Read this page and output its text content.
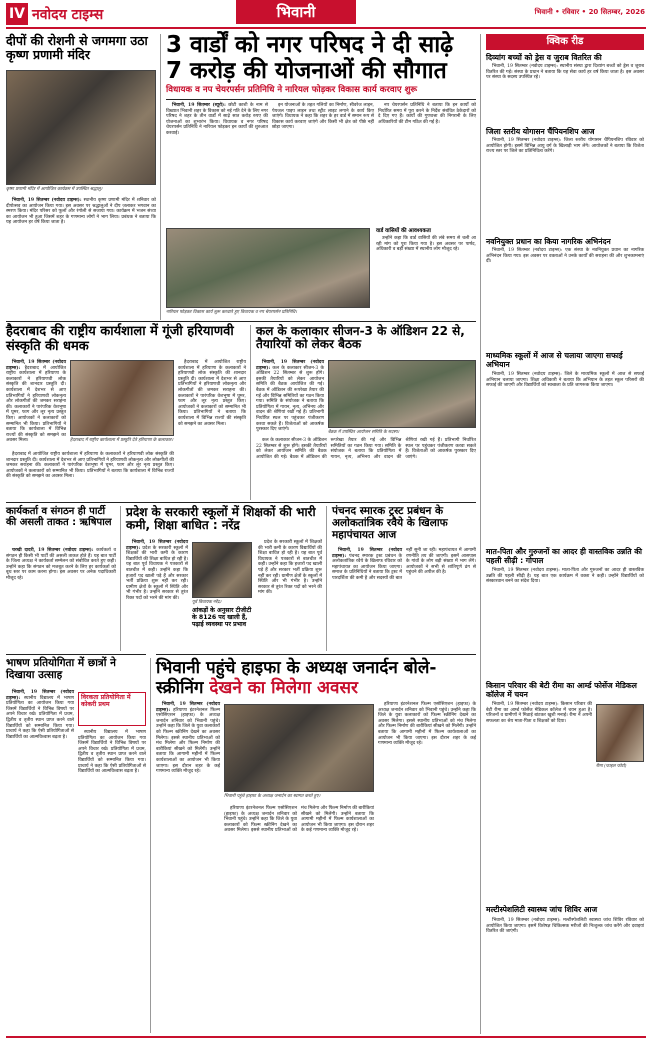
IV नवोदय टाइम्स	भिवानी	भिवानी • रविवार • 20 सितम्बर, 2026
दीपों की रोशनी से जगमगा उठा कृष्ण प्रणामी मंदिर
कृष्ण प्रणामी मंदिर में आयोजित कार्यक्रम में उपस्थित श्रद्धालु।

भिवानी, 19 सितम्बर (नवोदय टाइम्स): स्थानीय कृष्ण प्रणामी मंदिर में शनिवार को दीपोत्सव का आयोजन किया गया। इस अवसर पर श्रद्धालुओं ने दीप जलाकर भगवान का स्मरण किया। मंदिर परिसर को फूलों और रंगोली से सजाया गया। कार्यक्रम में भजन संध्या का आयोजन भी हुआ जिसमें शहर के गणमान्य लोगों ने भाग लिया। प्रबंधक ने बताया कि यह आयोजन हर वर्ष किया जाता है।

3 वार्डों को नगर परिषद ने दी साढ़े 7 करोड़ की योजनाओं की सौगात
विधायक व नप चेयरपर्सन प्रतिनिधि ने नारियल फोड़कर विकास कार्य करवाए शुरू

भिवानी, 19 सितम्बर (ब्यूरो): छोटी काशी के नाम से विख्यात भिवानी शहर के विकास को नई गति देने के लिए नगर परिषद ने शहर के तीन वार्डों में साढ़े सात करोड़ रुपए की योजनाओं का शुभारंभ किया। विधायक व नगर परिषद चेयरपर्सन प्रतिनिधि ने नारियल फोड़कर इन कार्यों की शुरुआत करवाई।

इन योजनाओं के तहत गलियों का निर्माण, सीवरेज लाइन, पेयजल पाइप लाइन तथा स्ट्रीट लाइट लगाने के कार्य किए जाएंगे। विधायक ने कहा कि शहर के हर वार्ड में समान रूप से विकास कार्य करवाए जाएंगे और किसी भी क्षेत्र को पीछे नहीं छोड़ा जाएगा।

नप चेयरपर्सन प्रतिनिधि ने बताया कि इन कार्यों को निर्धारित समय में पूरा करने के निर्देश संबंधित ठेकेदारों को दे दिए गए हैं। कार्यों की गुणवत्ता की निगरानी के लिए अधिकारियों की टीम गठित की गई है।

नारियल फोड़कर विकास कार्य शुरू करवाते हुए विधायक व नप चेयरपर्सन प्रतिनिधि।
वार्ड वासियों की आवश्यकता

उन्होंने कहा कि वार्ड वासियों की लंबे समय से चली आ रही मांग को पूरा किया गया है। इस अवसर पर पार्षद, अधिकारी व बड़ी संख्या में स्थानीय लोग मौजूद रहे।

क्विक रीड
दिव्यांग बच्चों को ड्रेस व जुराब वितरित की

भिवानी, 19 सितम्बर (नवोदय टाइम्स): स्थानीय संस्था द्वारा दिव्यांग बच्चों को ड्रेस व जुराब वितरित की गई। संस्था के प्रधान ने बताया कि यह सेवा कार्य हर वर्ष किया जाता है। इस अवसर पर संस्था के सदस्य उपस्थित रहे।

जिला स्तरीय योगासन चैंपियनशिप आज

भिवानी, 19 सितम्बर (नवोदय टाइम्स): जिला स्तरीय योगासन चैंपियनशिप रविवार को आयोजित होगी। इसमें विभिन्न आयु वर्ग के खिलाड़ी भाग लेंगे। आयोजकों ने बताया कि विजेता राज्य स्तर पर जिले का प्रतिनिधित्व करेंगे।

नवनियुक्त प्रधान का किया नागरिक अभिनंदन

भिवानी, 19 सितम्बर (नवोदय टाइम्स): एक संस्था के नवनियुक्त प्रधान का नागरिक अभिनंदन किया गया। इस अवसर पर वक्ताओं ने उनके कार्यों की सराहना की और शुभकामनाएं दीं।

माध्यमिक स्कूलों में आज से चलाया जाएगा सफाई अभियान

भिवानी, 19 सितम्बर (नवोदय टाइम्स): जिले के माध्यमिक स्कूलों में आज से सफाई अभियान चलाया जाएगा। शिक्षा अधिकारी ने बताया कि अभियान के तहत स्कूल परिसरों की सफाई की जाएगी और विद्यार्थियों को स्वच्छता के प्रति जागरूक किया जाएगा।

मात-पिता और गुरुजनों का आदर ही वास्तविक उन्नति की पहली सीढ़ी : गोपाल

भिवानी, 19 सितम्बर (नवोदय टाइम्स): माता-पिता और गुरुजनों का आदर ही वास्तविक उन्नति की पहली सीढ़ी है। यह बात एक कार्यक्रम में वक्ता ने कही। उन्होंने विद्यार्थियों को संस्कारवान बनने का संदेश दिया।

किसान परिवार की बेटी रीमा का आर्म्ड फोर्सेज मेडिकल कॉलेज में चयन

भिवानी, 19 सितम्बर (नवोदय टाइम्स): किसान परिवार की बेटी रीमा का आर्म्ड फोर्सेज मेडिकल कॉलेज में चयन हुआ है। परिजनों व ग्रामीणों ने मिठाई बांटकर खुशी मनाई। रीमा ने अपनी सफलता का श्रेय माता-पिता व शिक्षकों को दिया।

रीमा (फाइल फोटो)

मल्टीस्पेशलिटी स्वास्थ्य जांच शिविर आज

भिवानी, 19 सितम्बर (नवोदय टाइम्स): मल्टीस्पेशलिटी स्वास्थ्य जांच शिविर रविवार को आयोजित किया जाएगा। इसमें विशेषज्ञ चिकित्सक मरीजों की निःशुल्क जांच करेंगे और दवाइयां वितरित की जाएंगी।

हैदराबाद की राष्ट्रीय कार्यशाला में गूंजी हरियाणवी संस्कृति की धमक

भिवानी, 19 सितम्बर (नवोदय टाइम्स): हैदराबाद में आयोजित राष्ट्रीय कार्यशाला में हरियाणा के कलाकारों ने हरियाणवी लोक संस्कृति की शानदार प्रस्तुति दी। कार्यशाला में देशभर से आए प्रतिभागियों ने हरियाणवी लोकनृत्य और लोकगीतों की जमकर सराहना की। कलाकारों ने पारंपरिक वेशभूषा में घूमर, फाग और लूर नृत्य प्रस्तुत किए। आयोजकों ने कलाकारों को सम्मानित भी किया। प्रतिभागियों ने बताया कि कार्यशाला में विभिन्न राज्यों की संस्कृति को समझने का अवसर मिला।	हैदराबाद में राष्ट्रीय कार्यशाला में प्रस्तुति देते हरियाणा के कलाकार।

हैदराबाद में आयोजित राष्ट्रीय कार्यशाला में हरियाणा के कलाकारों ने हरियाणवी लोक संस्कृति की शानदार प्रस्तुति दी। कार्यशाला में देशभर से आए प्रतिभागियों ने हरियाणवी लोकनृत्य और लोकगीतों की जमकर सराहना की। कलाकारों ने पारंपरिक वेशभूषा में घूमर, फाग और लूर नृत्य प्रस्तुत किए। आयोजकों ने कलाकारों को सम्मानित भी किया। प्रतिभागियों ने बताया कि कार्यशाला में विभिन्न राज्यों की संस्कृति को समझने का अवसर मिला।

हैदराबाद में आयोजित राष्ट्रीय कार्यशाला में हरियाणा के कलाकारों ने हरियाणवी लोक संस्कृति की शानदार प्रस्तुति दी। कार्यशाला में देशभर से आए प्रतिभागियों ने हरियाणवी लोकनृत्य और लोकगीतों की जमकर सराहना की। कलाकारों ने पारंपरिक वेशभूषा में घूमर, फाग और लूर नृत्य प्रस्तुत किए। आयोजकों ने कलाकारों को सम्मानित भी किया। प्रतिभागियों ने बताया कि कार्यशाला में विभिन्न राज्यों की संस्कृति को समझने का अवसर मिला।

कल के कलाकार सीजन-3 के ऑडिशन 22 से, तैयारियों को लेकर बैठक

भिवानी, 19 सितम्बर (नवोदय टाइम्स): कल के कलाकार सीजन-3 के ऑडिशन 22 सितम्बर से शुरू होंगे। इसकी तैयारियों को लेकर आयोजन समिति की बैठक आयोजित की गई। बैठक में ऑडिशन की रूपरेखा तैयार की गई और विभिन्न समितियों का गठन किया गया। समिति के संयोजक ने बताया कि प्रतियोगिता में गायन, नृत्य, अभिनय और वादन की श्रेणियां रखी गई हैं। प्रतिभागी निर्धारित स्थल पर पहुंचकर पंजीकरण करवा सकते हैं। विजेताओं को आकर्षक पुरस्कार दिए जाएंगे।

बैठक में उपस्थित आयोजन समिति के सदस्य।

कल के कलाकार सीजन-3 के ऑडिशन 22 सितम्बर से शुरू होंगे। इसकी तैयारियों को लेकर आयोजन समिति की बैठक आयोजित की गई। बैठक में ऑडिशन की रूपरेखा तैयार की गई और विभिन्न समितियों का गठन किया गया। समिति के संयोजक ने बताया कि प्रतियोगिता में गायन, नृत्य, अभिनय और वादन की श्रेणियां रखी गई हैं। प्रतिभागी निर्धारित स्थल पर पहुंचकर पंजीकरण करवा सकते हैं। विजेताओं को आकर्षक पुरस्कार दिए जाएंगे।

कार्यकर्ता व संगठन ही पार्टी की असली ताकत : ऋषिपाल

चरखी दादरी, 19 सितम्बर (नवोदय टाइम्स): कार्यकर्ता व संगठन ही किसी भी पार्टी की असली ताकत होते हैं। यह बात पार्टी के जिला अध्यक्ष ने कार्यकर्ता सम्मेलन को संबोधित करते हुए कही। उन्होंने कहा कि संगठन को मजबूत करने के लिए हर कार्यकर्ता को बूथ स्तर पर काम करना होगा। इस अवसर पर अनेक पदाधिकारी मौजूद रहे।

प्रदेश के सरकारी स्कूलों में शिक्षकों की भारी कमी, शिक्षा बाधित : नरेंद्र

भिवानी, 19 सितम्बर (नवोदय टाइम्स): प्रदेश के सरकारी स्कूलों में शिक्षकों की भारी कमी के कारण विद्यार्थियों की शिक्षा बाधित हो रही है। यह बात पूर्व विधायक ने पत्रकारों से बातचीत में कही। उन्होंने कहा कि हजारों पद खाली पड़े हैं और सरकार भर्ती प्रक्रिया शुरू नहीं कर रही। ग्रामीण क्षेत्रों के स्कूलों में स्थिति और भी गंभीर है। उन्होंने सरकार से तुरंत रिक्त पदों को भरने की मांग की।

पूर्व विधायक नरेंद्र।
आंकड़ों के अनुसार टीजीटी के 8126 पद खाली हैं, पढ़ाई व्यवस्था पर प्रभाव

प्रदेश के सरकारी स्कूलों में शिक्षकों की भारी कमी के कारण विद्यार्थियों की शिक्षा बाधित हो रही है। यह बात पूर्व विधायक ने पत्रकारों से बातचीत में कही। उन्होंने कहा कि हजारों पद खाली पड़े हैं और सरकार भर्ती प्रक्रिया शुरू नहीं कर रही। ग्रामीण क्षेत्रों के स्कूलों में स्थिति और भी गंभीर है। उन्होंने सरकार से तुरंत रिक्त पदों को भरने की मांग की।

पंचनद स्मारक ट्रस्ट प्रबंधन के अलोकतांत्रिक रवैये के खिलाफ महापंचायत आज

भिवानी, 19 सितम्बर (नवोदय टाइम्स): पंचनद स्मारक ट्रस्ट प्रबंधन के अलोकतांत्रिक रवैये के खिलाफ रविवार को महापंचायत का आयोजन किया जाएगा। समाज के प्रतिनिधियों ने बताया कि ट्रस्ट में पारदर्शिता की कमी है और सदस्यों की बात नहीं सुनी जा रही। महापंचायत में आगामी रणनीति तय की जाएगी। इसमें आसपास के गांवों के लोग बड़ी संख्या में भाग लेंगे। आयोजकों ने सभी से शांतिपूर्ण ढंग से पहुंचने की अपील की है।

भाषण प्रतियोगिता में छात्रों ने दिखाया उत्साह

भिवानी, 19 सितम्बर (नवोदय टाइम्स): स्थानीय विद्यालय में भाषण प्रतियोगिता का आयोजन किया गया जिसमें विद्यार्थियों ने विभिन्न विषयों पर अपने विचार रखे। प्रतियोगिता में प्रथम, द्वितीय व तृतीय स्थान प्राप्त करने वाले विद्यार्थियों को सम्मानित किया गया। प्राचार्य ने कहा कि ऐसी प्रतियोगिताओं से विद्यार्थियों का आत्मविश्वास बढ़ता है।

विरकता प्रतियोगिता में कोकरी प्रथम

स्थानीय विद्यालय में भाषण प्रतियोगिता का आयोजन किया गया जिसमें विद्यार्थियों ने विभिन्न विषयों पर अपने विचार रखे। प्रतियोगिता में प्रथम, द्वितीय व तृतीय स्थान प्राप्त करने वाले विद्यार्थियों को सम्मानित किया गया। प्राचार्य ने कहा कि ऐसी प्रतियोगिताओं से विद्यार्थियों का आत्मविश्वास बढ़ता है।

भिवानी पहुंचे हाइफा के अध्यक्ष जनार्दन बोले-स्क्रीनिंग देखने का मिलेगा अवसर

भिवानी, 19 सितम्बर (नवोदय टाइम्स): हरियाणा इंटरनेशनल फिल्म एसोसिएशन (हाइफा) के अध्यक्ष जनार्दन शनिवार को भिवानी पहुंचे। उन्होंने कहा कि जिले के युवा कलाकारों को फिल्म स्क्रीनिंग देखने का अवसर मिलेगा। इससे स्थानीय प्रतिभाओं को मंच मिलेगा और फिल्म निर्माण की बारीकियां सीखने को मिलेंगी। उन्होंने बताया कि आगामी महीनों में फिल्म कार्यशालाओं का आयोजन भी किया जाएगा। इस दौरान शहर के कई गणमान्य व्यक्ति मौजूद रहे।

भिवानी पहुंचे हाइफा के अध्यक्ष जनार्दन का स्वागत करते हुए।

हरियाणा इंटरनेशनल फिल्म एसोसिएशन (हाइफा) के अध्यक्ष जनार्दन शनिवार को भिवानी पहुंचे। उन्होंने कहा कि जिले के युवा कलाकारों को फिल्म स्क्रीनिंग देखने का अवसर मिलेगा। इससे स्थानीय प्रतिभाओं को मंच मिलेगा और फिल्म निर्माण की बारीकियां सीखने को मिलेंगी। उन्होंने बताया कि आगामी महीनों में फिल्म कार्यशालाओं का आयोजन भी किया जाएगा। इस दौरान शहर के कई गणमान्य व्यक्ति मौजूद रहे।

हरियाणा इंटरनेशनल फिल्म एसोसिएशन (हाइफा) के अध्यक्ष जनार्दन शनिवार को भिवानी पहुंचे। उन्होंने कहा कि जिले के युवा कलाकारों को फिल्म स्क्रीनिंग देखने का अवसर मिलेगा। इससे स्थानीय प्रतिभाओं को मंच मिलेगा और फिल्म निर्माण की बारीकियां सीखने को मिलेंगी। उन्होंने बताया कि आगामी महीनों में फिल्म कार्यशालाओं का आयोजन भी किया जाएगा। इस दौरान शहर के कई गणमान्य व्यक्ति मौजूद रहे।
